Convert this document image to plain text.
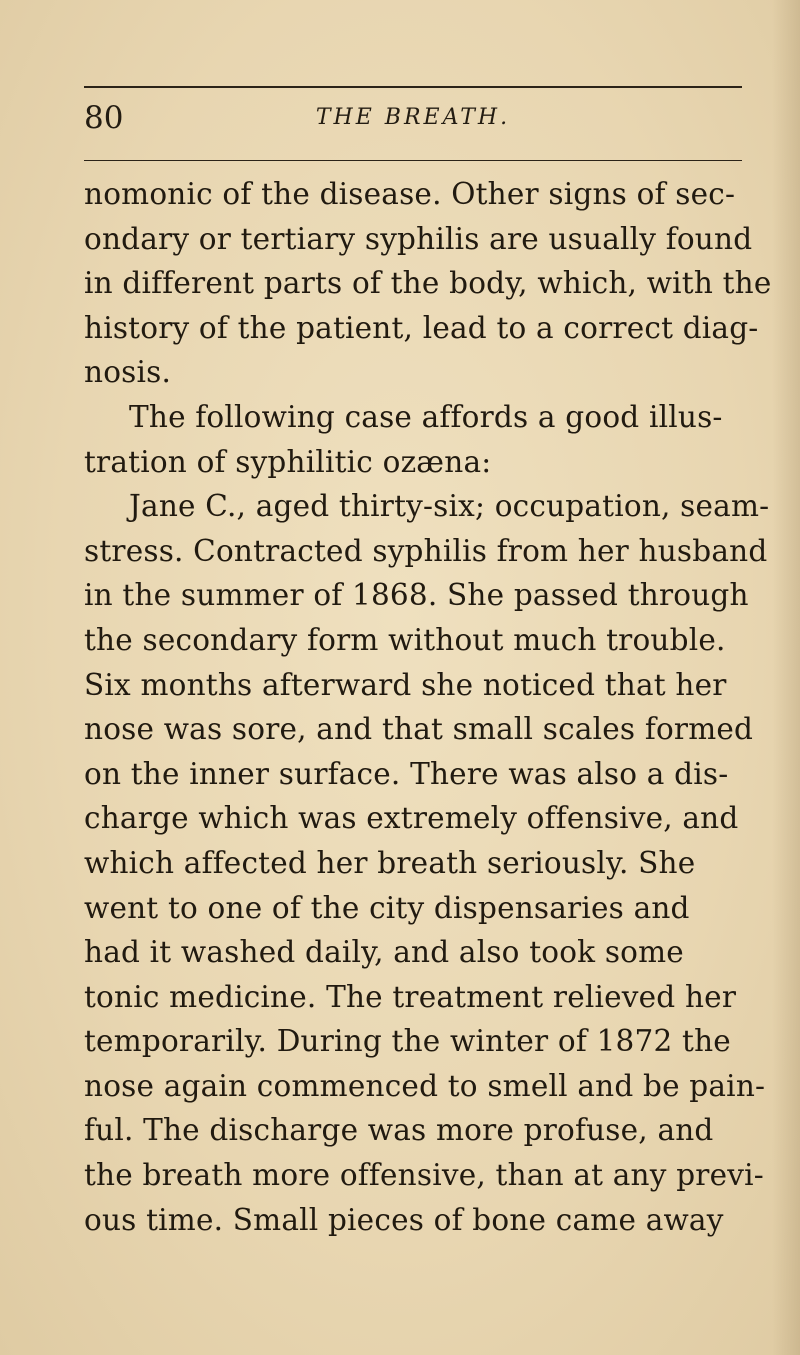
80	THE BREATH.
nomonic of the disease. Other signs of sec-
ondary or tertiary syphilis are usually found
in different parts of the body, which, with the
history of the patient, lead to a correct diag-
nosis.
The following case affords a good illus-
tration of syphilitic ozæna:
Jane C., aged thirty-six; occupation, seam-
stress. Contracted syphilis from her husband
in the summer of 1868. She passed through
the secondary form without much trouble.
Six months afterward she noticed that her
nose was sore, and that small scales formed
on the inner surface. There was also a dis-
charge which was extremely offensive, and
which affected her breath seriously. She
went to one of the city dispensaries and
had it washed daily, and also took some
tonic medicine. The treatment relieved her
temporarily. During the winter of 1872 the
nose again commenced to smell and be pain-
ful. The discharge was more profuse, and
the breath more offensive, than at any previ-
ous time. Small pieces of bone came away
